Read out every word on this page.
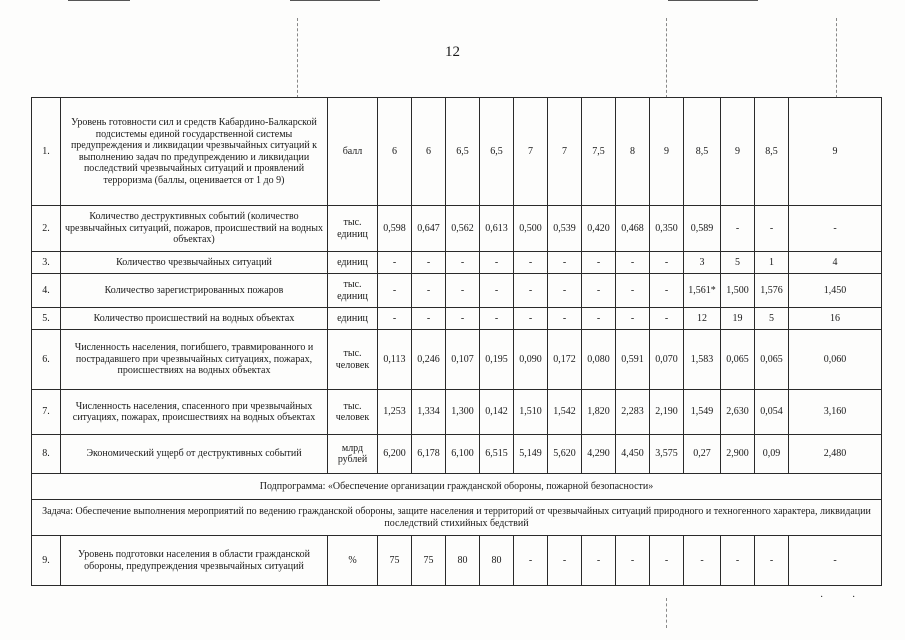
12
1.	Уровень готовности сил и средств Кабардино-Балкарской подсистемы единой государственной системы предупреждения и ликвидации чрезвычайных ситуаций к выполнению задач по предупреждению и ликвидации последствий чрезвычайных ситуаций и проявлений терроризма (баллы, оценивается от 1 до 9)	балл	6	6	6,5	6,5	7	7	7,5	8	9	8,5	9	8,5	9
2.	Количество деструктивных событий (количество чрезвычайных ситуаций, пожаров, происшествий на водных объектах)	тыс. единиц	0,598	0,647	0,562	0,613	0,500	0,539	0,420	0,468	0,350	0,589	-	-	-
3.	Количество чрезвычайных ситуаций	единиц	-	-	-	-	-	-	-	-	-	3	5	1	4
4.	Количество зарегистрированных пожаров	тыс. единиц	-	-	-	-	-	-	-	-	-	1,561*	1,500	1,576	1,450
5.	Количество происшествий на водных объектах	единиц	-	-	-	-	-	-	-	-	-	12	19	5	16
6.	Численность населения, погибшего, травмированного и пострадавшего при чрезвычайных ситуациях, пожарах, происшествиях на водных объектах	тыс. человек	0,113	0,246	0,107	0,195	0,090	0,172	0,080	0,591	0,070	1,583	0,065	0,065	0,060
7.	Численность населения, спасенного при чрезвычайных ситуациях, пожарах, происшествиях на водных объектах	тыс. человек	1,253	1,334	1,300	0,142	1,510	1,542	1,820	2,283	2,190	1,549	2,630	0,054	3,160
8.	Экономический ущерб от деструктивных событий	млрд рублей	6,200	6,178	6,100	6,515	5,149	5,620	4,290	4,450	3,575	0,27	2,900	0,09	2,480
Подпрограмма: «Обеспечение организации гражданской обороны, пожарной безопасности»															
Задача: Обеспечение выполнения мероприятий по ведению гражданской обороны, защите населения и территорий от чрезвычайных ситуаций природного и техногенного характера, ликвидации последствий стихийных бедствий															
9.	Уровень подготовки населения в области гражданской обороны, предупреждения чрезвычайных ситуаций	%	75	75	80	80	-	-	-	-	-	-	-	-	-
·	·
